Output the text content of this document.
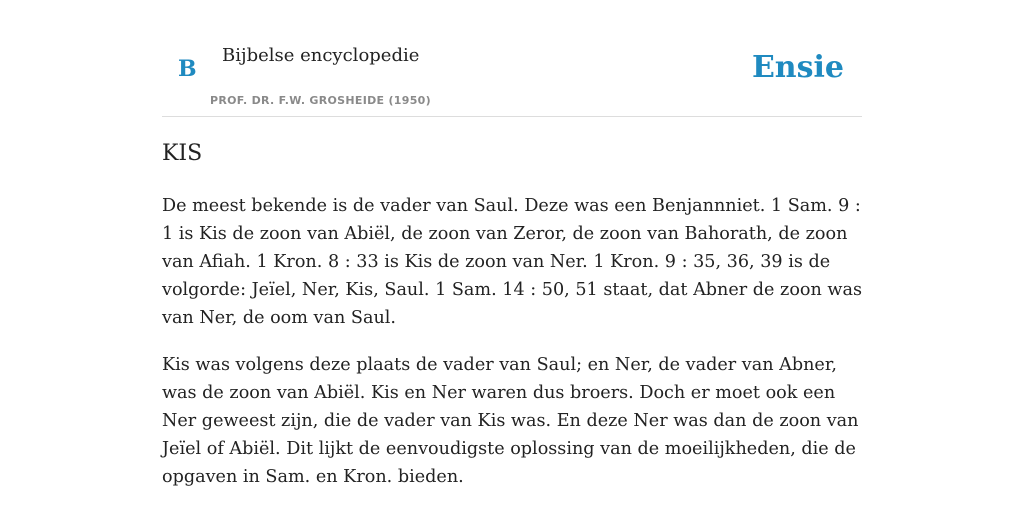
B
Bijbelse encyclopedie
PROF. DR. F.W. GROSHEIDE (1950)
Ensie
KIS

De meest bekende is de vader van Saul. Deze was een Benjannniet. 1 Sam. 9 : 1 is Kis de zoon van Abiël, de zoon van Zeror, de zoon van Bahorath, de zoon van Afiah. 1 Kron. 8 : 33 is Kis de zoon van Ner. 1 Kron. 9 : 35, 36, 39 is de volgorde: Jeïel, Ner, Kis, Saul. 1 Sam. 14 : 50, 51 staat, dat Abner de zoon was van Ner, de oom van Saul.

Kis was volgens deze plaats de vader van Saul; en Ner, de vader van Abner, was de zoon van Abiël. Kis en Ner waren dus broers. Doch er moet ook een Ner geweest zijn, die de vader van Kis was. En deze Ner was dan de zoon van Jeïel of Abiël. Dit lijkt de eenvoudigste oplossing van de moeilijkheden, die de opgaven in Sam. en Kron. bieden.
